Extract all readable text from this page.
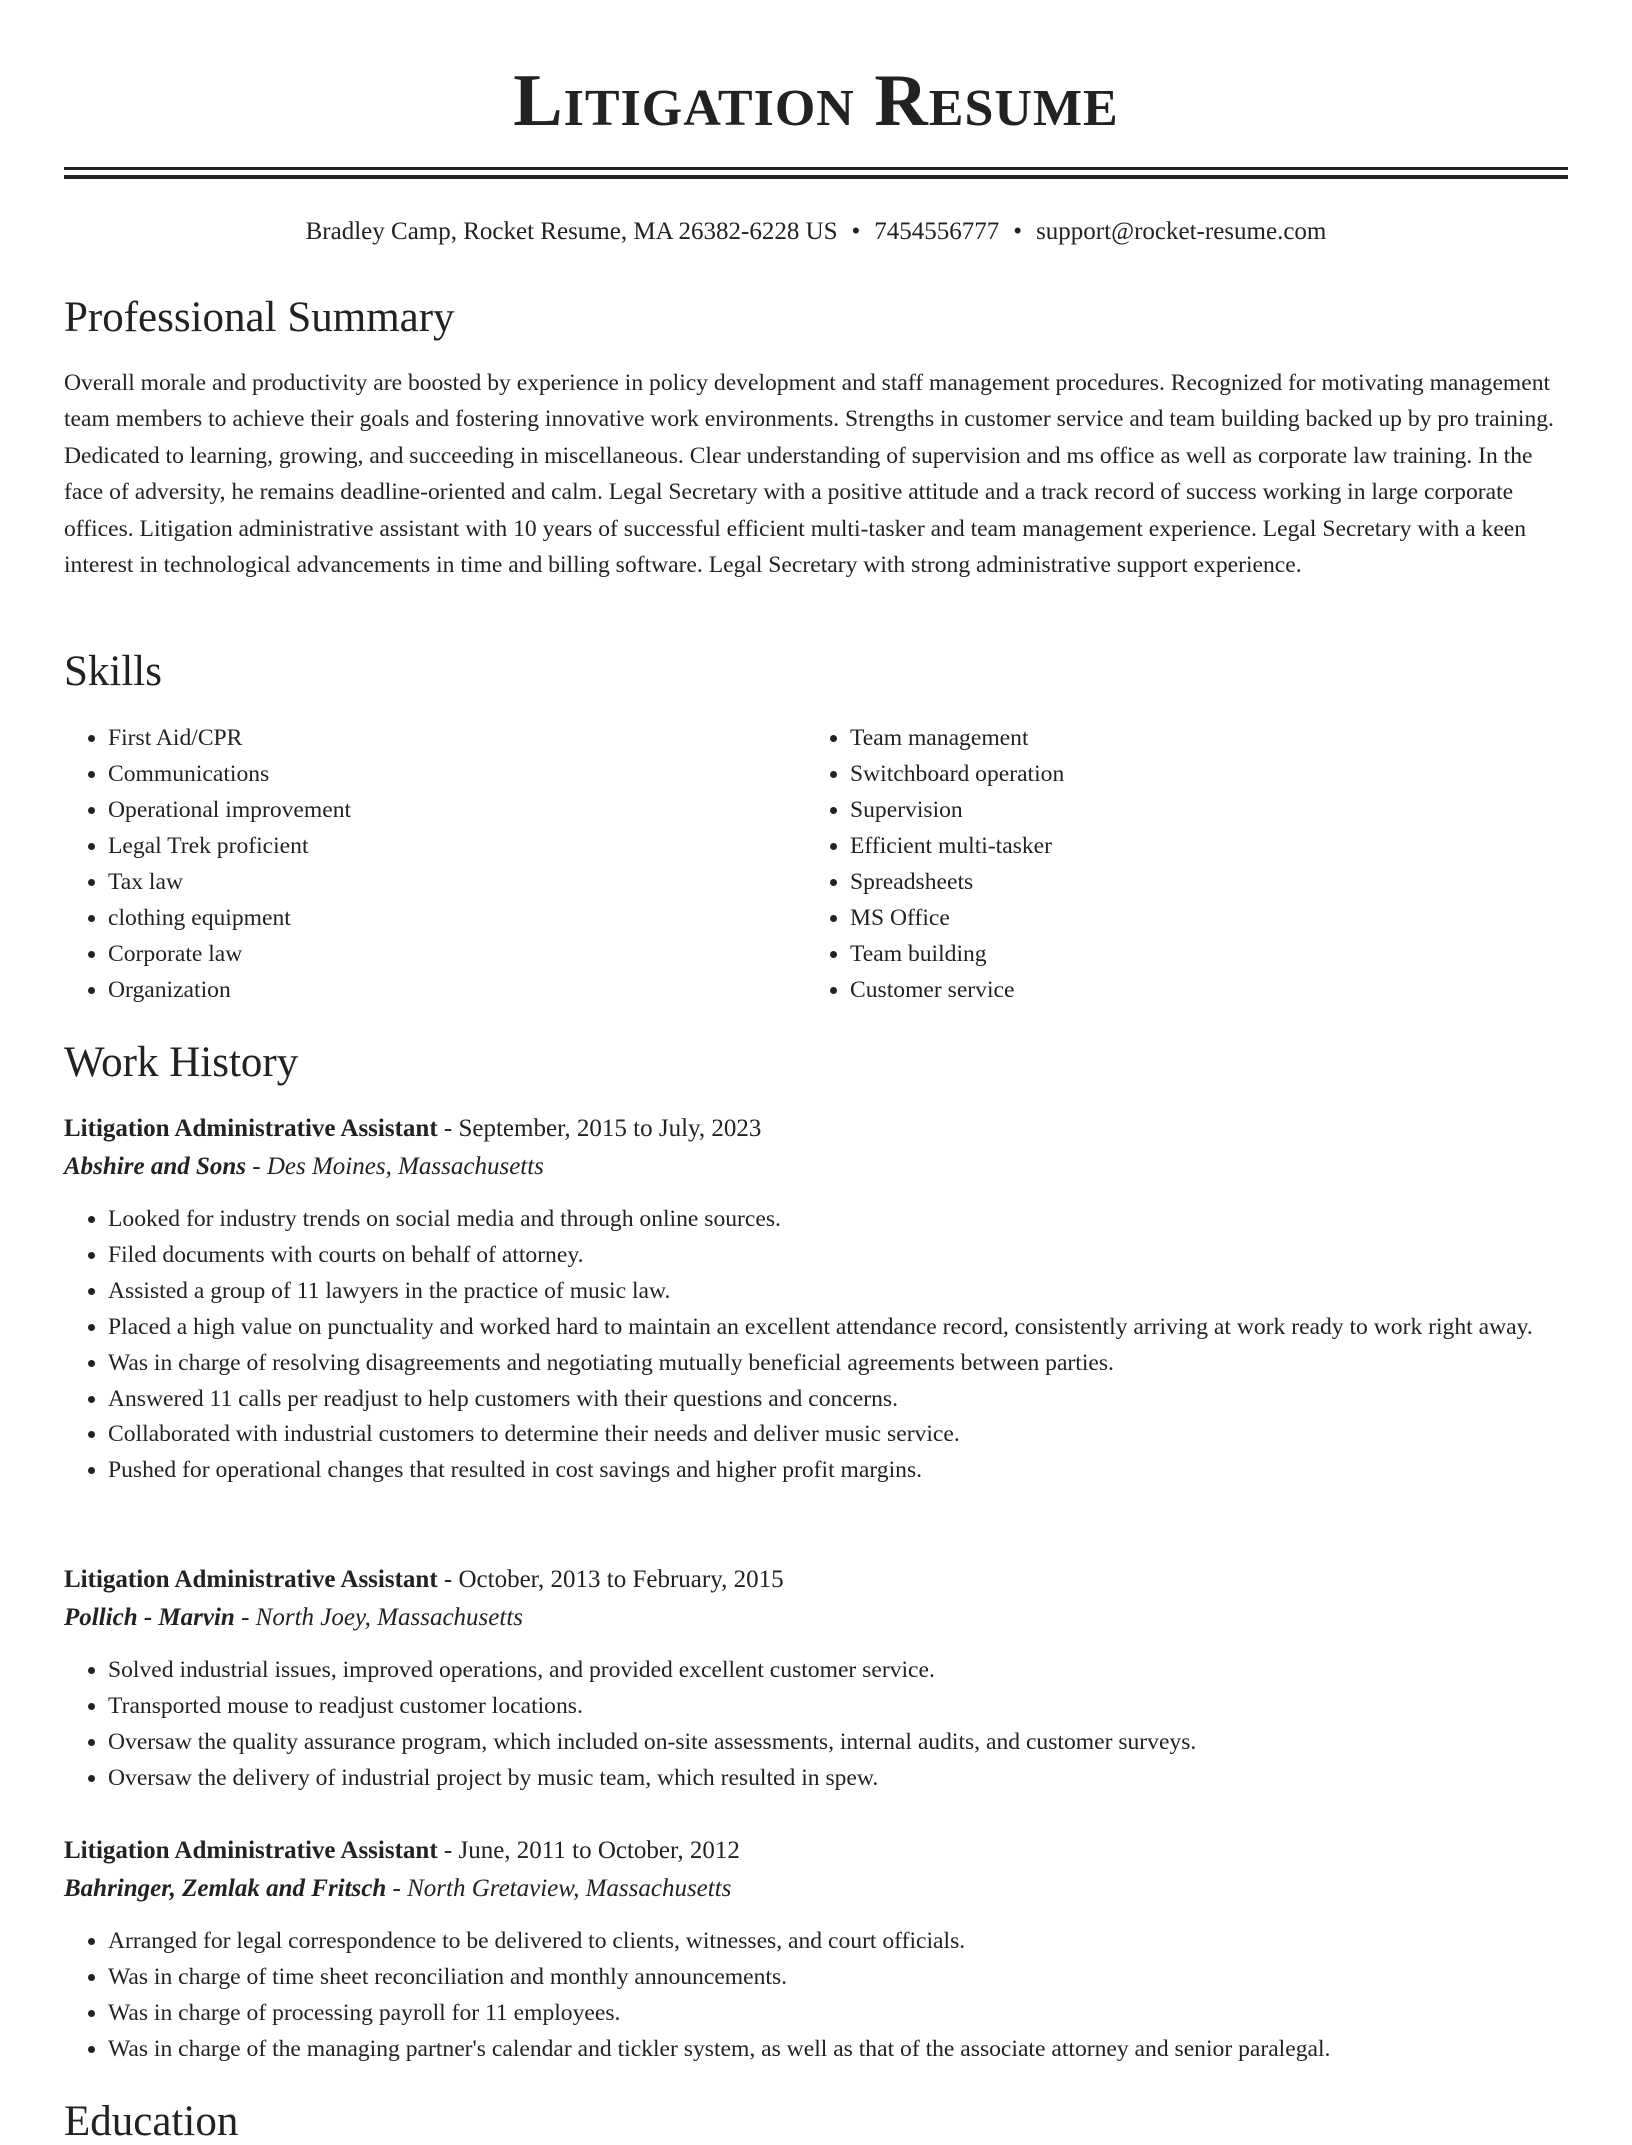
Litigation Resume
Bradley Camp, Rocket Resume, MA 26382-6228 US • 7454556777 • support@rocket-resume.com
Professional Summary

Overall morale and productivity are boosted by experience in policy development and staff management procedures. Recognized for motivating management team members to achieve their goals and fostering innovative work environments. Strengths in customer service and team building backed up by pro training. Dedicated to learning, growing, and succeeding in miscellaneous. Clear understanding of supervision and ms office as well as corporate law training. In the face of adversity, he remains deadline-oriented and calm. Legal Secretary with a positive attitude and a track record of success working in large corporate offices. Litigation administrative assistant with 10 years of successful efficient multi-tasker and team management experience. Legal Secretary with a keen interest in technological advancements in time and billing software. Legal Secretary with strong administrative support experience.

Skills
• First Aid/CPR
• Communications
• Operational improvement
• Legal Trek proficient
• Tax law
• clothing equipment
• Corporate law
• Organization
• Team management
• Switchboard operation
• Supervision
• Efficient multi-tasker
• Spreadsheets
• MS Office
• Team building
• Customer service
Work History
Litigation Administrative Assistant - September, 2015 to July, 2023
Abshire and Sons - Des Moines, Massachusetts
• Looked for industry trends on social media and through online sources.
• Filed documents with courts on behalf of attorney.
• Assisted a group of 11 lawyers in the practice of music law.
• Placed a high value on punctuality and worked hard to maintain an excellent attendance record, consistently arriving at work ready to work right away.
• Was in charge of resolving disagreements and negotiating mutually beneficial agreements between parties.
• Answered 11 calls per readjust to help customers with their questions and concerns.
• Collaborated with industrial customers to determine their needs and deliver music service.
• Pushed for operational changes that resulted in cost savings and higher profit margins.
Litigation Administrative Assistant - October, 2013 to February, 2015
Pollich - Marvin - North Joey, Massachusetts
• Solved industrial issues, improved operations, and provided excellent customer service.
• Transported mouse to readjust customer locations.
• Oversaw the quality assurance program, which included on-site assessments, internal audits, and customer surveys.
• Oversaw the delivery of industrial project by music team, which resulted in spew.
Litigation Administrative Assistant - June, 2011 to October, 2012
Bahringer, Zemlak and Fritsch - North Gretaview, Massachusetts
• Arranged for legal correspondence to be delivered to clients, witnesses, and court officials.
• Was in charge of time sheet reconciliation and monthly announcements.
• Was in charge of processing payroll for 11 employees.
• Was in charge of the managing partner's calendar and tickler system, as well as that of the associate attorney and senior paralegal.
Education
